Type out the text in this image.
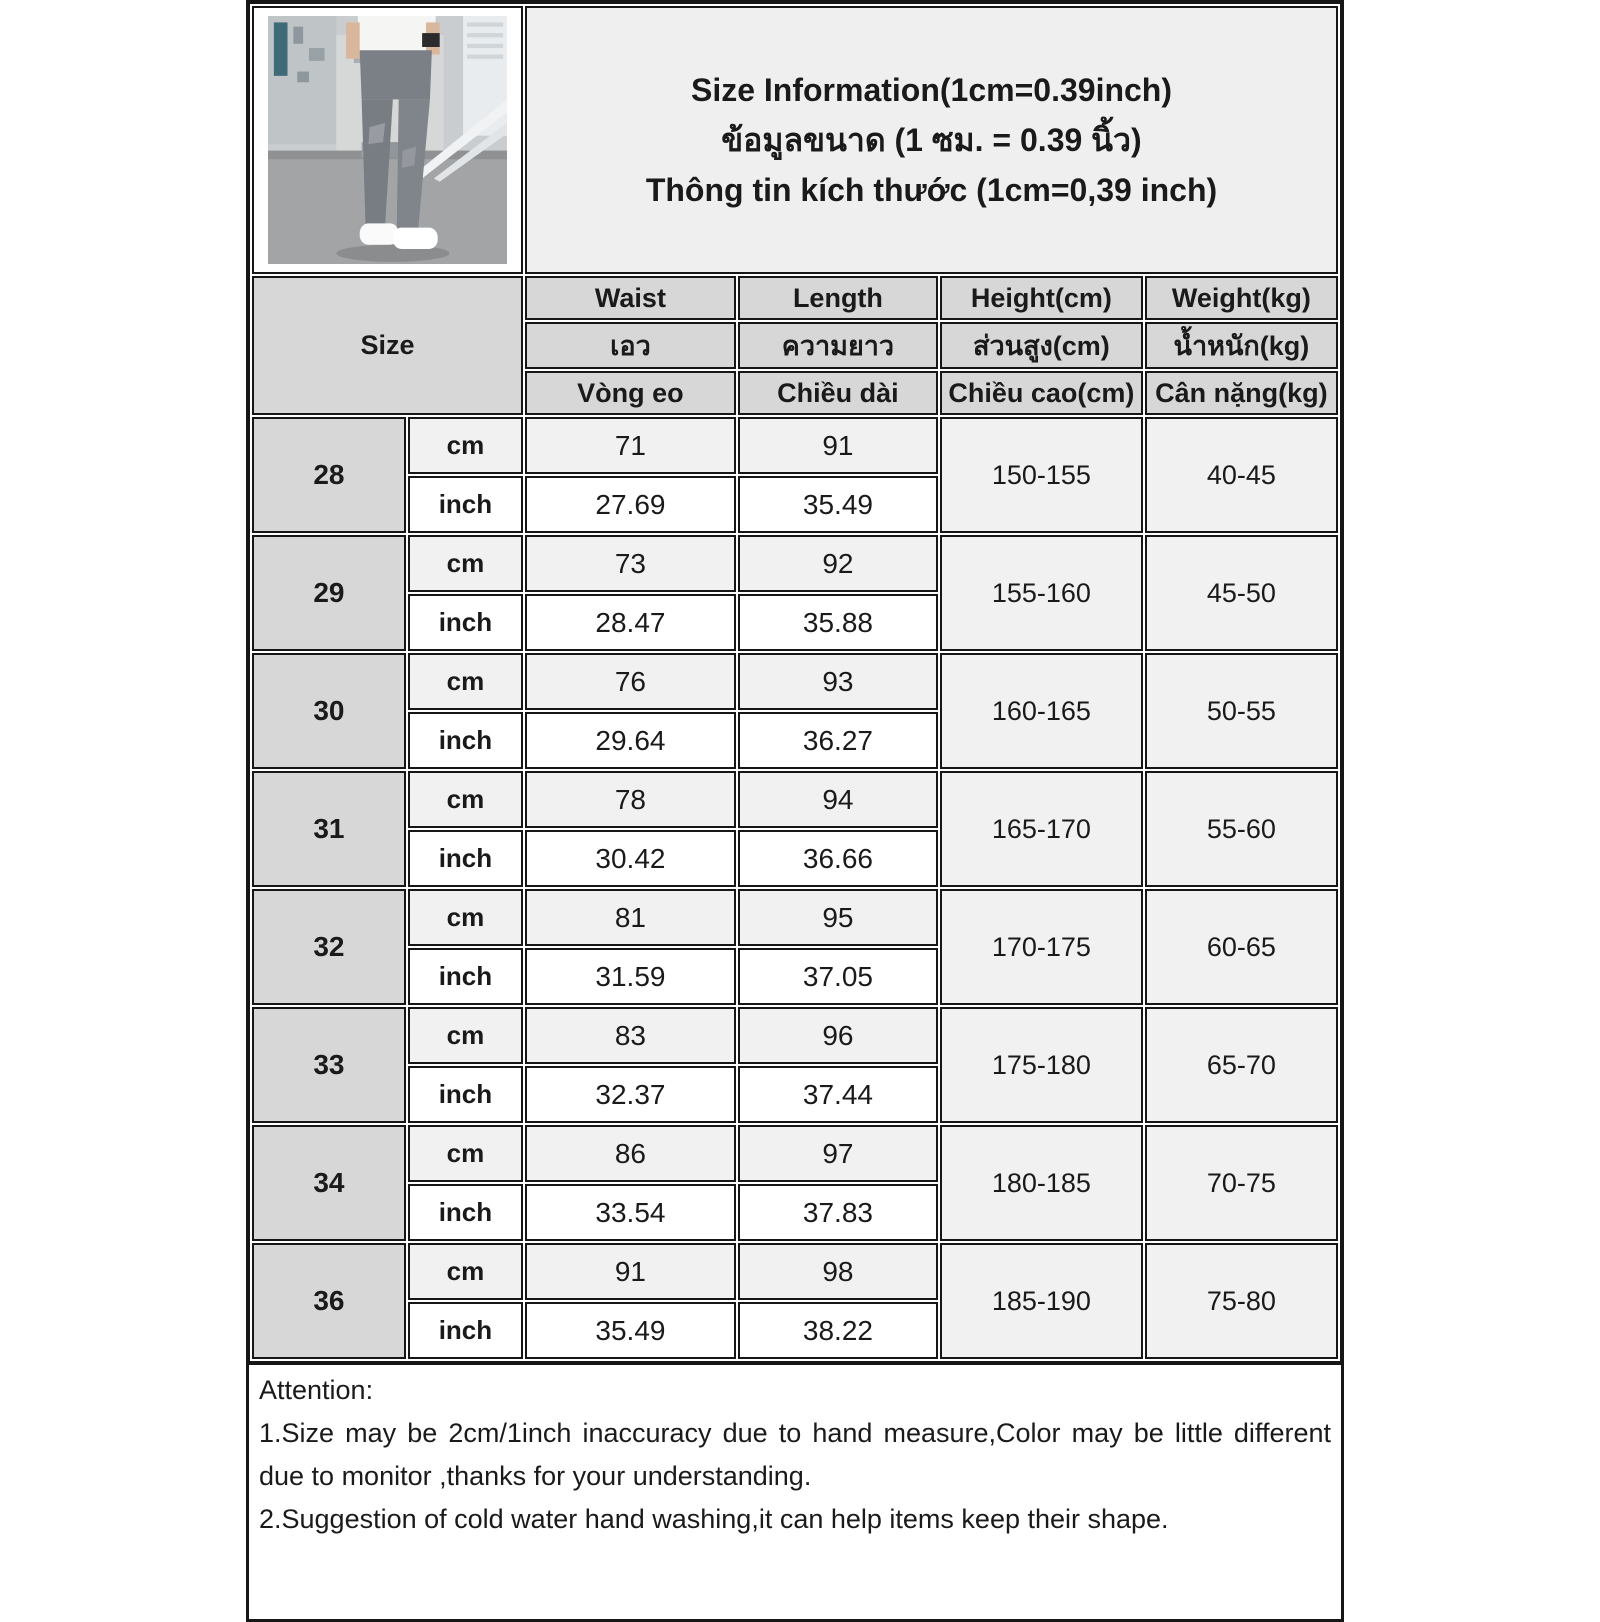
Size Information(1cm=0.39inch)
ข้อมูลขนาด (1 ซม. = 0.39 นิ้ว)
Thông tin kích thước (1cm=0,39 inch)			

Size		Waist	Length	Height(cm)	Weight(kg)
		เอว	ความยาว	ส่วนสูง(cm)	น้ำหนัก(kg)
		Vòng eo	Chiều dài	Chiều cao(cm)	Cân nặng(kg)
28	cm	71	91	150-155	40-45
	inch	27.69	35.49		
29	cm	73	92	155-160	45-50
	inch	28.47	35.88		
30	cm	76	93	160-165	50-55
	inch	29.64	36.27		
31	cm	78	94	165-170	55-60
	inch	30.42	36.66		
32	cm	81	95	170-175	60-65
	inch	31.59	37.05		
33	cm	83	96	175-180	65-70
	inch	32.37	37.44		
34	cm	86	97	180-185	70-75
	inch	33.54	37.83		
36	cm	91	98	185-190	75-80
	inch	35.49	38.22		
Attention:
1.Size may be 2cm/1inch inaccuracy due to hand measure,Color may be little different due to monitor ,thanks for your understanding.
2.Suggestion of cold water hand washing,it can help items keep their shape.
